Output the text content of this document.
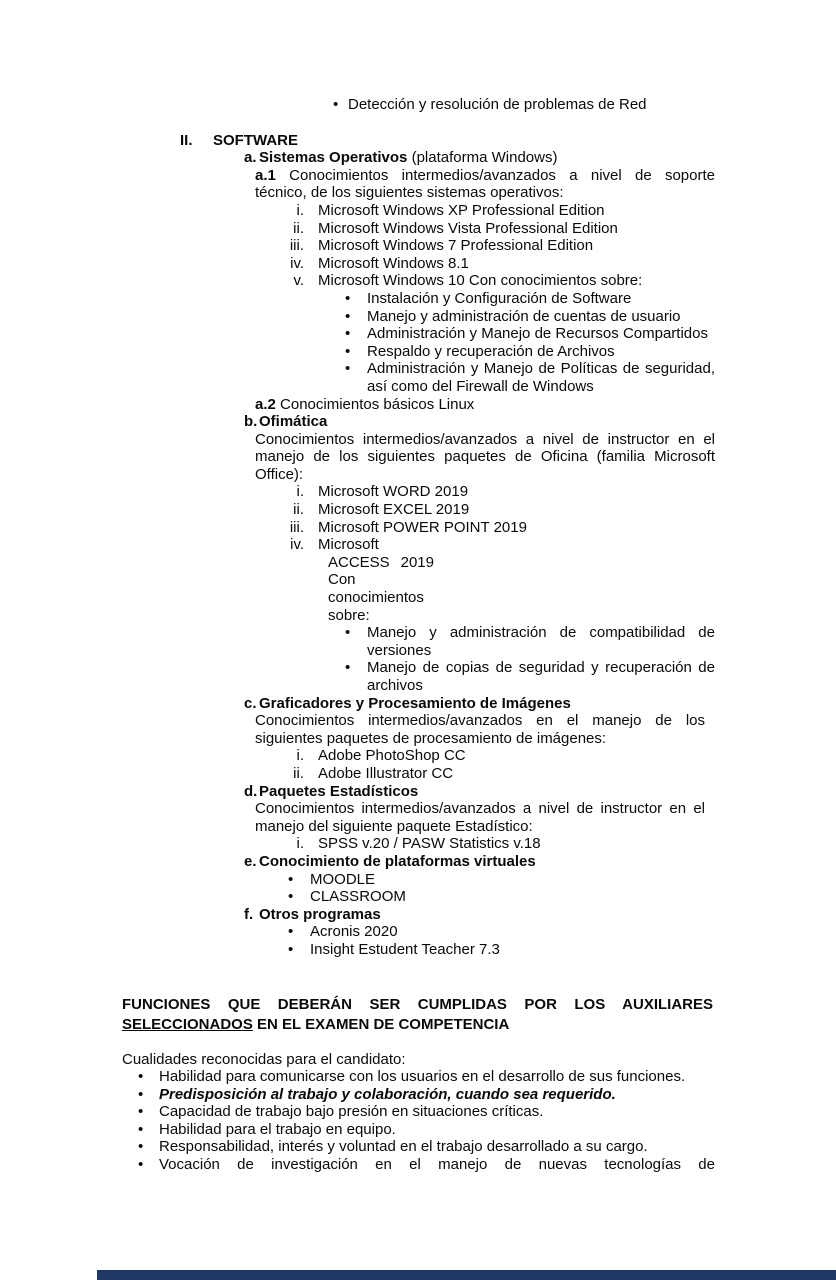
• Detección y resolución de problemas de Red
II.	SOFTWARE
a. Sistemas Operativos (plataforma Windows)
a.1 Conocimientos intermedios/avanzados a nivel de soporte técnico, de los siguientes sistemas operativos:
i. Microsoft Windows XP Professional Edition
ii. Microsoft Windows Vista Professional Edition
iii. Microsoft Windows 7 Professional Edition
iv. Microsoft Windows 8.1
v. Microsoft Windows 10 Con conocimientos sobre:
•	Instalación y Configuración de Software
•	Manejo y administración de cuentas de usuario
•	Administración y Manejo de Recursos Compartidos
•	Respaldo y recuperación de Archivos
•	Administración y Manejo de Políticas de seguridad, así como del Firewall de Windows
a.2 Conocimientos básicos Linux
b. Ofimática
Conocimientos intermedios/avanzados a nivel de instructor en el manejo de los siguientes paquetes de Oficina (familia Microsoft Office):
i. Microsoft WORD 2019
ii. Microsoft EXCEL 2019
iii. Microsoft POWER POINT 2019
iv. Microsoft
ACCESS 2019 Con conocimientos sobre:
•	Manejo y administración de compatibilidad de versiones
•	Manejo de copias de seguridad y recuperación de archivos
c. Graficadores y Procesamiento de Imágenes
Conocimientos intermedios/avanzados en el manejo de los siguientes paquetes de procesamiento de imágenes:
i. Adobe PhotoShop CC
ii. Adobe Illustrator CC
d. Paquetes Estadísticos
Conocimientos intermedios/avanzados a nivel de instructor en el manejo del siguiente paquete Estadístico:
i. SPSS v.20 / PASW Statistics v.18
e. Conocimiento de plataformas virtuales
•	MOODLE
•	CLASSROOM
f. Otros programas
•	Acronis 2020
•	Insight Estudent Teacher 7.3
FUNCIONES QUE DEBERÁN SER CUMPLIDAS POR LOS AUXILIARES SELECCIONADOS EN EL EXAMEN DE COMPETENCIA
Cualidades reconocidas para el candidato:
•	Habilidad para comunicarse con los usuarios en el desarrollo de sus funciones.
•	Predisposición al trabajo y colaboración, cuando sea requerido.
•	Capacidad de trabajo bajo presión en situaciones críticas.
•	Habilidad para el trabajo en equipo.
•	Responsabilidad, interés y voluntad en el trabajo desarrollado a su cargo.
•	Vocación de investigación en el manejo de nuevas tecnologías de
